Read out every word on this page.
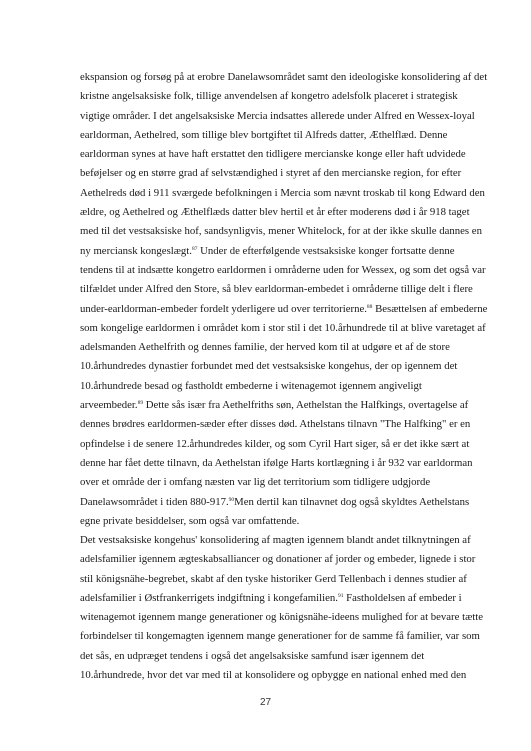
ekspansion og forsøg på at erobre Danelawsområdet samt den ideologiske konsolidering af det
kristne angelsaksiske folk, tillige anvendelsen af kongetro adelsfolk placeret i strategisk
vigtige områder. I det angelsaksiske Mercia indsattes allerede under Alfred en Wessex-loyal
earldorman, Aethelred, som tillige blev bortgiftet til Alfreds datter, Æthelflæd. Denne
earldorman synes at have haft erstattet den tidligere mercianske konge eller haft udvidede
beføjelser og en større grad af selvstændighed i styret af den mercianske region, for efter
Aethelreds død i 911 sværgede befolkningen i Mercia som nævnt troskab til kong Edward den
ældre, og Aethelred og Æthelflæds datter blev hertil et år efter moderens død i år 918 taget
med til det vestsaksiske hof, sandsynligvis, mener Whitelock, for at der ikke skulle dannes en
ny merciansk kongeslægt.$^{87}$ Under de efterfølgende vestsaksiske konger fortsatte denne
tendens til at indsætte kongetro earldormen i områderne uden for Wessex, og som det også var
tilfældet under Alfred den Store, så blev earldorman-embedet i områderne tillige delt i flere
under-earldorman-embeder fordelt yderligere ud over territorierne.$^{88}$ Besættelsen af embederne
som kongelige earldormen i området kom i stor stil i det 10.århundrede til at blive varetaget af
adelsmanden Aethelfrith og dennes familie, der herved kom til at udgøre et af de store
10.århundredes dynastier forbundet med det vestsaksiske kongehus, der op igennem det
10.århundrede besad og fastholdt embederne i witenagemot igennem angiveligt
arveembeder.$^{89}$ Dette sås især fra Aethelfriths søn, Aethelstan the Halfkings, overtagelse af
dennes brødres earldormen-sæder efter disses død. Athelstans tilnavn "The Halfking" er en
opfindelse i de senere 12.århundredes kilder, og som Cyril Hart siger, så er det ikke sært at
denne har fået dette tilnavn, da Aethelstan ifølge Harts kortlægning i år 932 var earldorman
over et område der i omfang næsten var lig det territorium som tidligere udgjorde
Danelawsområdet i tiden 880-917.90Men dertil kan tilnavnet dog også skyldtes Aethelstans
egne private besiddelser, som også var omfattende.
Det vestsaksiske kongehus' konsolidering af magten igennem blandt andet tilknytningen af
adelsfamilier igennem ægteskabsalliancer og donationer af jorder og embeder, lignede i stor
stil königsnähe-begrebet, skabt af den tyske historiker Gerd Tellenbach i dennes studier af
adelsfamilier i Østfrankerrigets indgiftning i kongefamilien.$^{91}$ Fastholdelsen af embeder i
witenagemot igennem mange generationer og königsnähe-ideens mulighed for at bevare tætte
forbindelser til kongemagten igennem mange generationer for de samme få familier, var som
det sås, en udpræget tendens i også det angelsaksiske samfund især igennem det
10.århundrede, hvor det var med til at konsolidere og opbygge en national enhed med den
27
